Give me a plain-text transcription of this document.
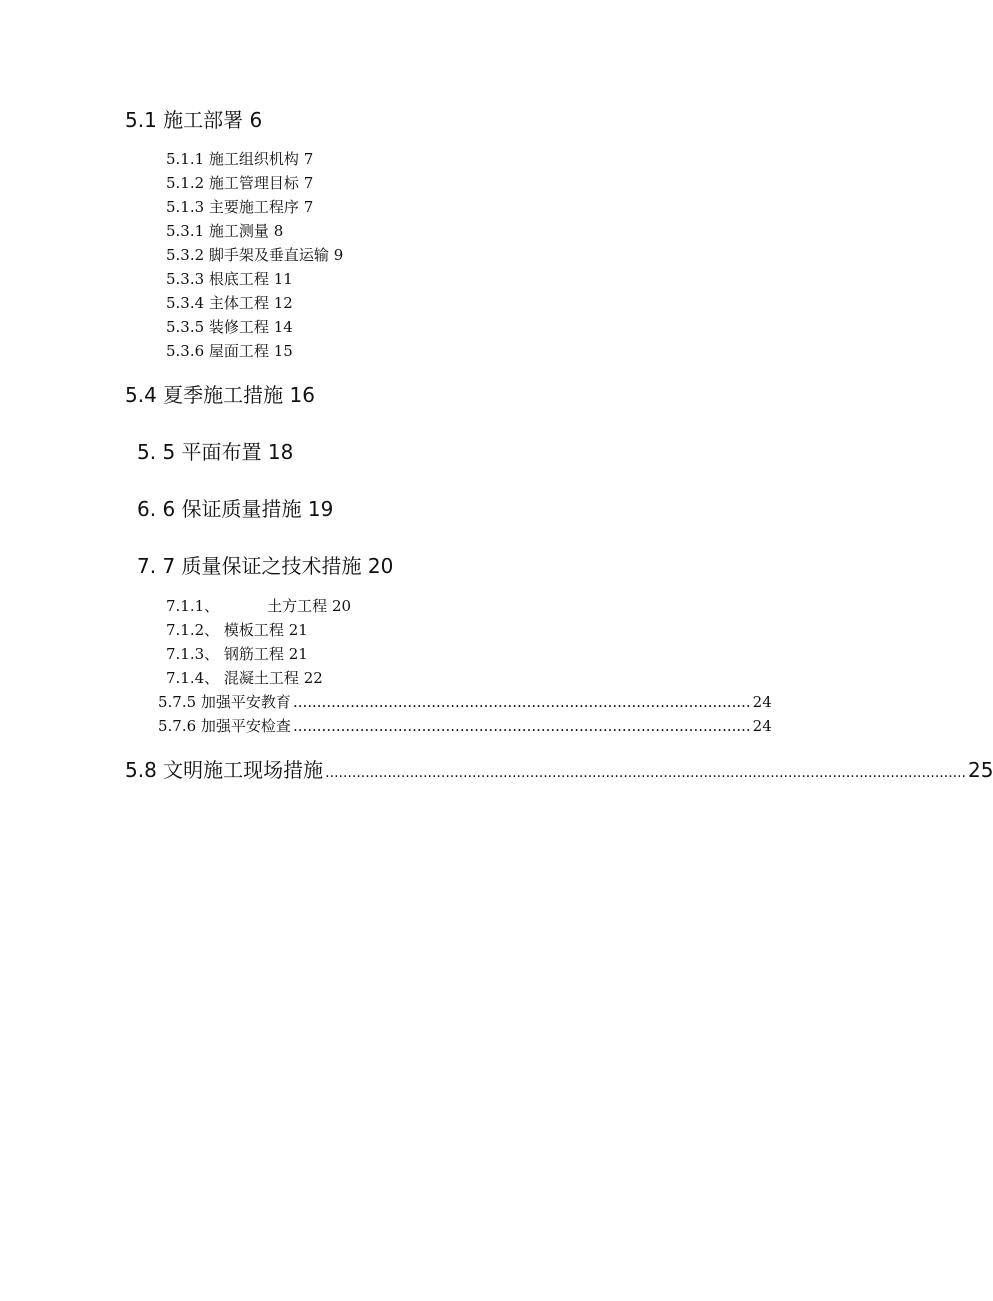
5.1 施工部署 6
5.1.1 施工组织机构 7
5.1.2 施工管理目标 7
5.1.3 主要施工程序 7
5.3.1 施工测量 8
5.3.2 脚手架及垂直运输 9
5.3.3 根底工程 11
5.3.4 主体工程 12
5.3.5 装修工程 14
5.3.6 屋面工程 15
5.4 夏季施工措施 16
5. 5 平面布置 18
6. 6 保证质量措施 19
7. 7 质量保证之技术措施 20
7.1.1、	土方工程 20
7.1.2、 模板工程 21
7.1.3、 钢筋工程 21
7.1.4、 混凝土工程 22
5.7.5 加强平安教育 ................................................................................................ 24
5.7.6 加强平安检查 ................................................................................................ 24
5.8 文明施工现场措施 ................................................................................................................................................ 25
